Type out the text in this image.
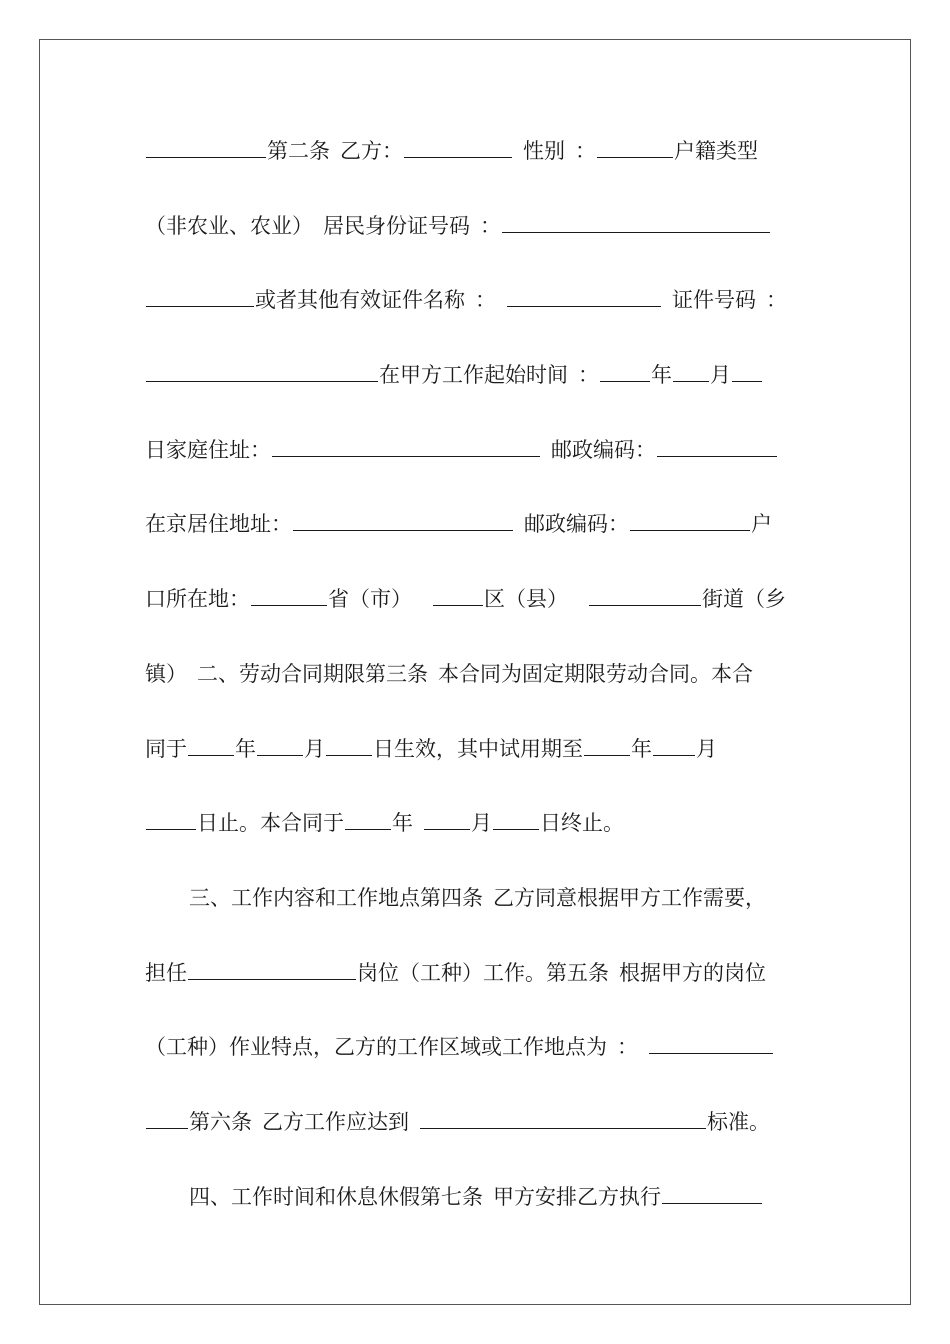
第二条 乙方：	性别 ：	户籍类型
（非农业、农业） 居民身份证号码 ：
或者其他有效证件名称 ：	证件号码 ：
在甲方工作起始时间 ： 年 月
日家庭住址：	邮政编码：
在京居住地址：	邮政编码：	户
口所在地：	省（市）	区（县）	街道（乡
镇） 二、劳动合同期限第三条 本合同为固定期限劳动合同。本合
同于 年 月 日生效，其中试用期至 年 月
日止。本合同于 年	月 日终止。
三、工作内容和工作地点第四条 乙方同意根据甲方工作需要，
担任	岗位（工种）工作。第五条 根据甲方的岗位
（工种）作业特点，乙方的工作区域或工作地点为 ：
第六条 乙方工作应达到	标准。
四、工作时间和休息休假第七条 甲方安排乙方执行
